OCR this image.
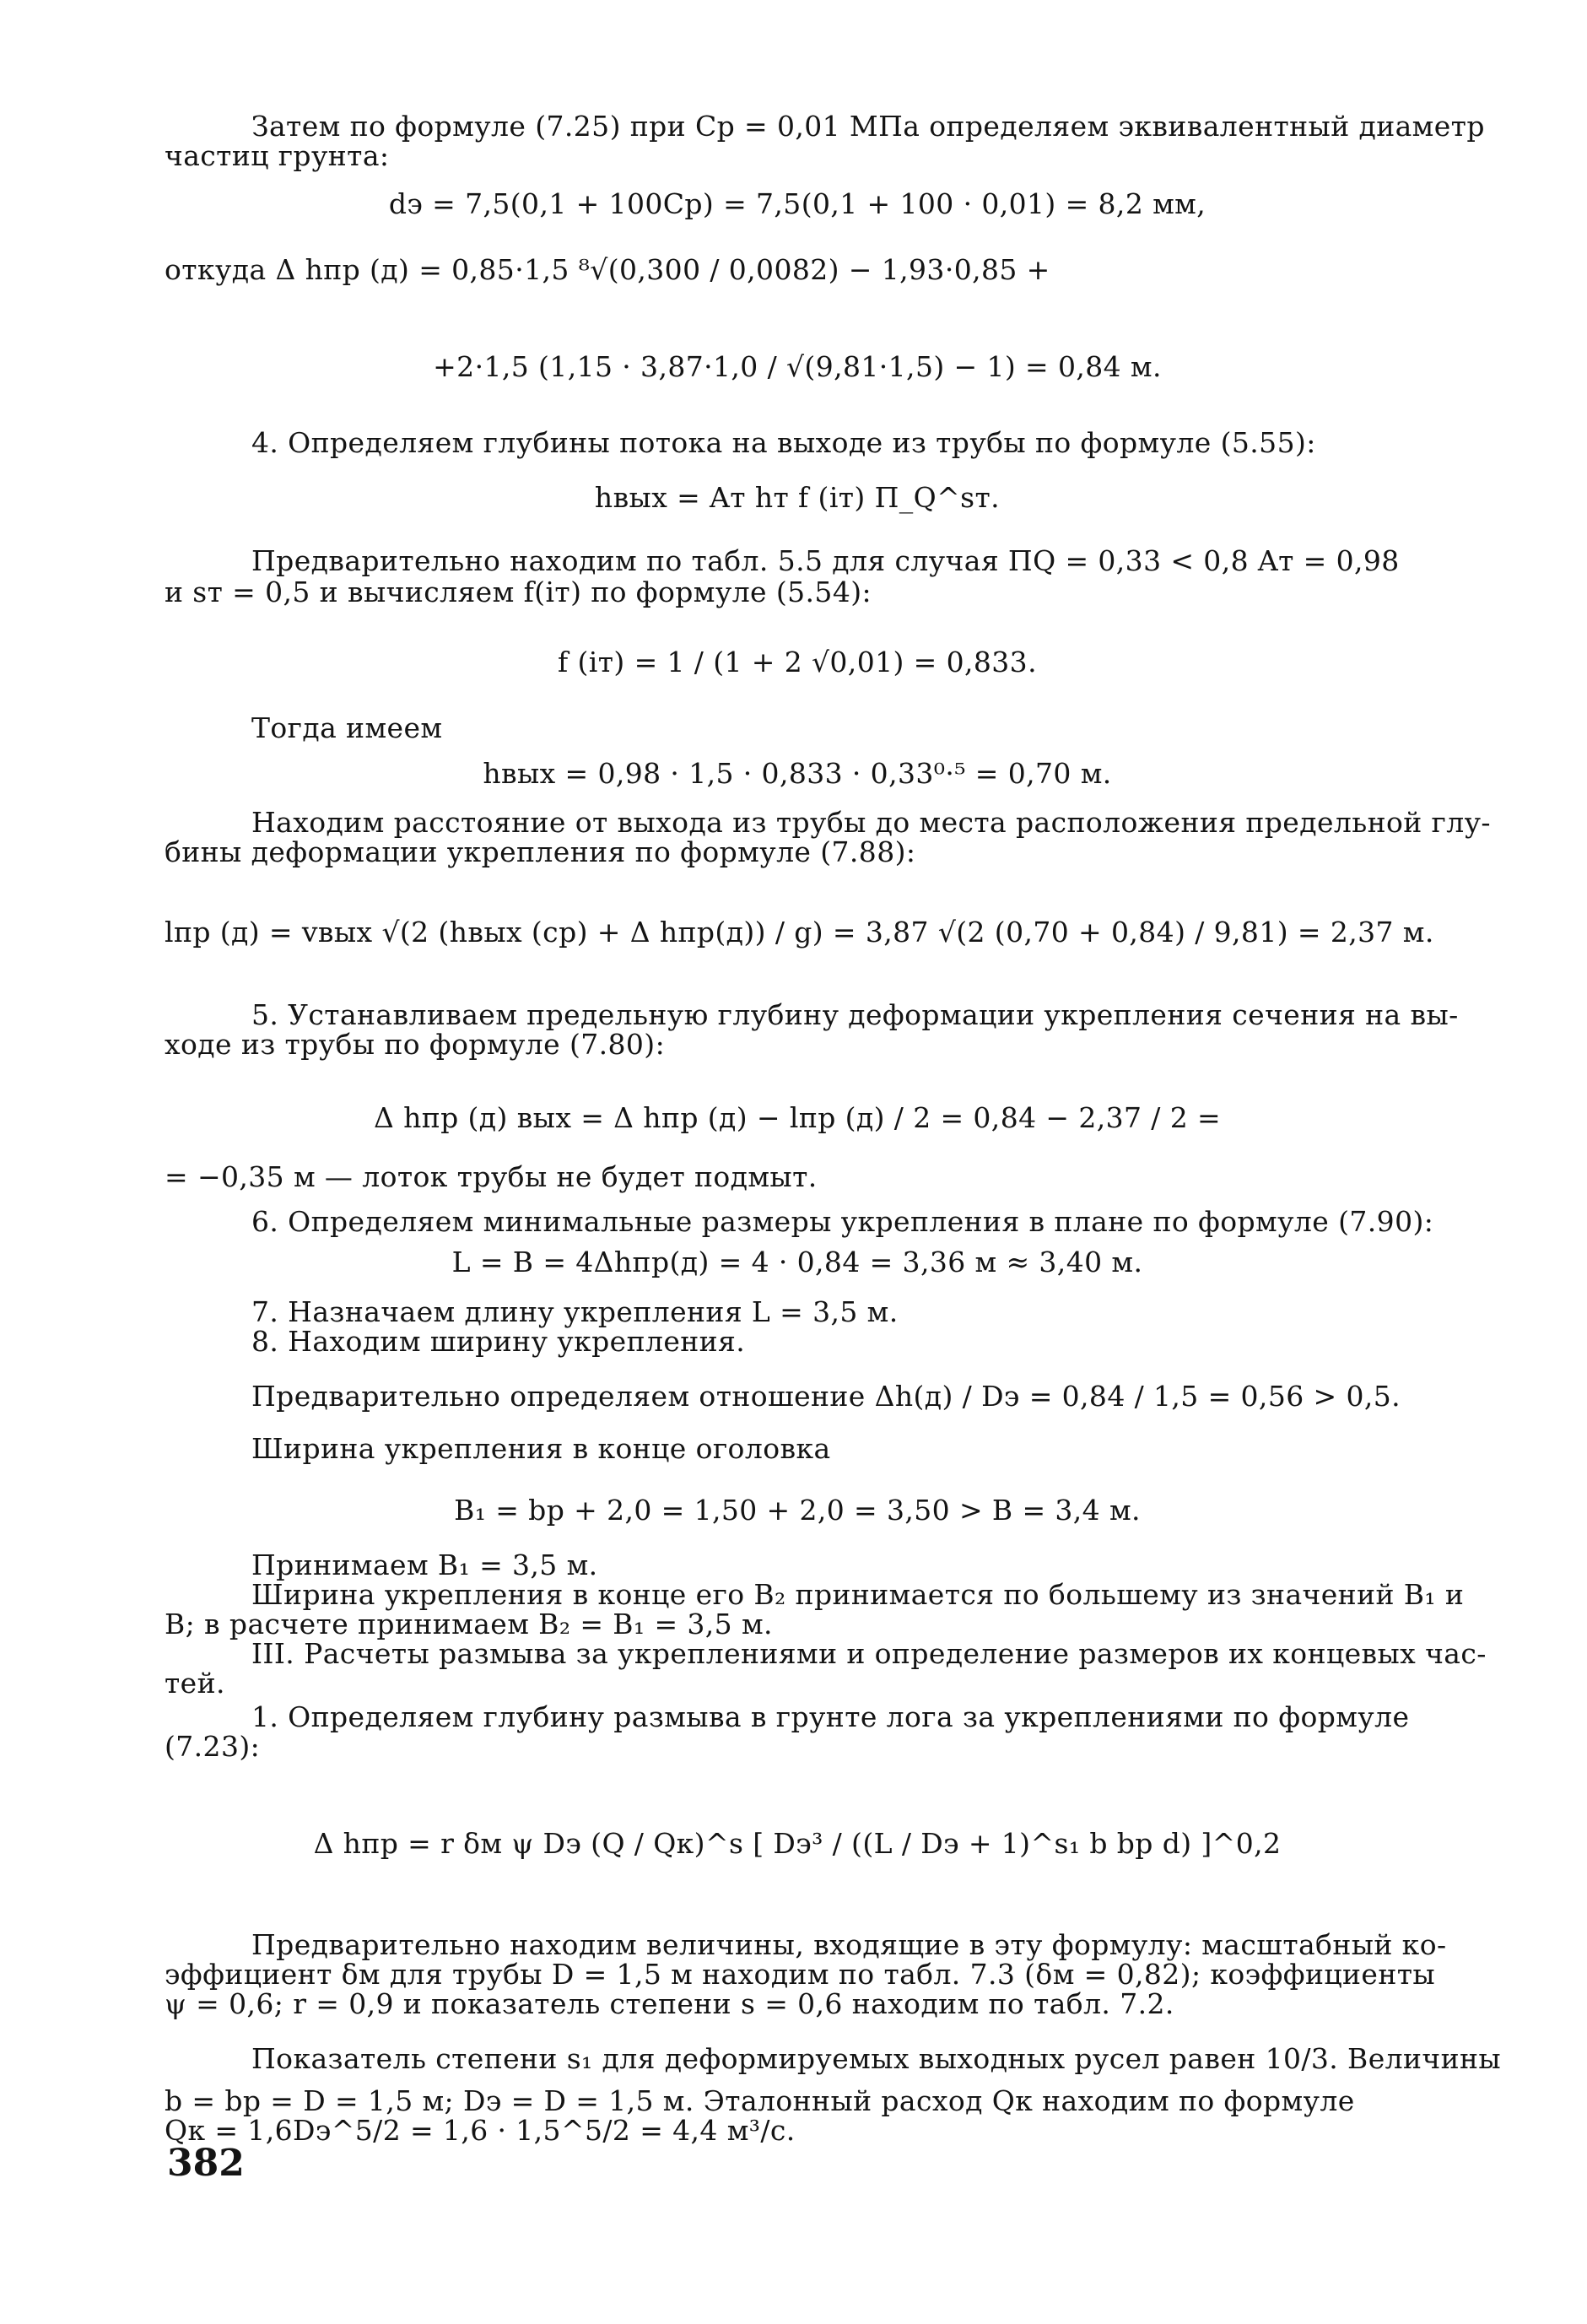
Затем по формуле (7.25) при Cр = 0,01 МПа определяем эквивалентный диаметр
частиц грунта:
dэ = 7,5(0,1 + 100Cр) = 7,5(0,1 + 100 · 0,01) = 8,2 мм,
откуда Δ hпр (д) = 0,85·1,5 ⁸√(0,300 / 0,0082) − 1,93·0,85 +
+2·1,5 (1,15 · 3,87·1,0 / √(9,81·1,5) − 1) = 0,84 м.
4. Определяем глубины потока на выходе из трубы по формуле (5.55):
hвых = Aт hт f (iт) Π_Q^sт.
Предварительно находим по табл. 5.5 для случая ΠQ = 0,33 < 0,8 Aт = 0,98
и sт = 0,5 и вычисляем f(iт) по формуле (5.54):
f (iт) = 1 / (1 + 2 √0,01) = 0,833.
Тогда имеем
hвых = 0,98 · 1,5 · 0,833 · 0,33⁰·⁵ = 0,70 м.
Находим расстояние от выхода из трубы до места расположения предельной глу-
бины деформации укрепления по формуле (7.88):
lпр (д) = vвых √(2 (hвых (ср) + Δ hпр(д)) / g) = 3,87 √(2 (0,70 + 0,84) / 9,81) = 2,37 м.
5. Устанавливаем предельную глубину деформации укрепления сечения на вы-
ходе из трубы по формуле (7.80):
Δ hпр (д) вых = Δ hпр (д) − lпр (д) / 2 = 0,84 − 2,37 / 2 =
= −0,35 м — лоток трубы не будет подмыт.
6. Определяем минимальные размеры укрепления в плане по формуле (7.90):
L = B = 4Δhпр(д) = 4 · 0,84 = 3,36 м ≈ 3,40 м.
7. Назначаем длину укрепления L = 3,5 м.
8. Находим ширину укрепления.
Предварительно определяем отношение Δh(д) / Dэ = 0,84 / 1,5 = 0,56 > 0,5.
Ширина укрепления в конце оголовка
B₁ = bр + 2,0 = 1,50 + 2,0 = 3,50 > B = 3,4 м.
Принимаем B₁ = 3,5 м.
Ширина укрепления в конце его B₂ принимается по большему из значений B₁ и
B; в расчете принимаем B₂ = B₁ = 3,5 м.
III. Расчеты размыва за укреплениями и определение размеров их концевых час-
тей.
1. Определяем глубину размыва в грунте лога за укреплениями по формуле
(7.23):
Δ hпр = r δм ψ Dэ (Q / Qк)^s [ Dэ³ / ((L / Dэ + 1)^s₁ b bр d) ]^0,2
Предварительно находим величины, входящие в эту формулу: масштабный ко-
эффициент δм для трубы D = 1,5 м находим по табл. 7.3 (δм = 0,82); коэффициенты
ψ = 0,6; r = 0,9 и показатель степени s = 0,6 находим по табл. 7.2.
Показатель степени s₁ для деформируемых выходных русел равен 10/3. Величины
b = bр = D = 1,5 м; Dэ = D = 1,5 м. Эталонный расход Qк находим по формуле
Qк = 1,6Dэ^5/2 = 1,6 · 1,5^5/2 = 4,4 м³/с.
382
